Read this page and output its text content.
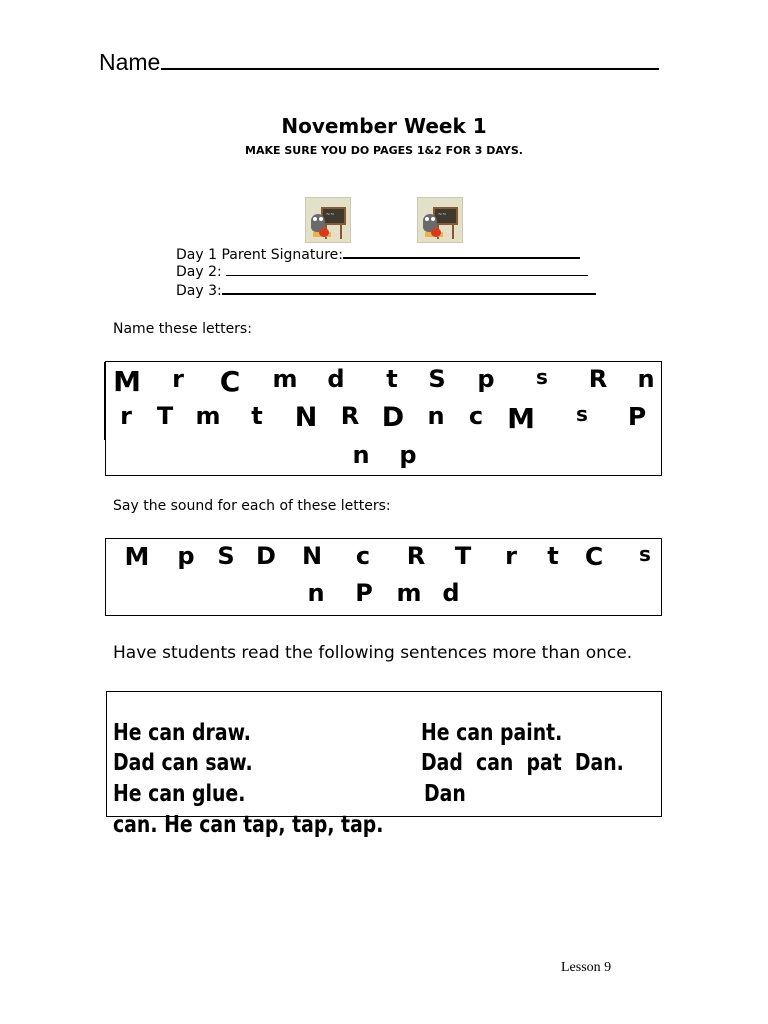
Name
November Week 1
MAKE SURE YOU DO PAGES 1&2 FOR 3 DAYS.
~~	~~
Day 1 Parent Signature:
Day 2:
Day 3:
Name these letters:
M r C m d t S p s R n
r T m t N R D n c M s P
n p
Say the sound for each of these letters:
M p S D N c R T r t C s
n P m d
Have students read the following sentences more than once.
He can draw.
Dad can saw.
He can glue.
He can paint.
Dad  can  pat  Dan.
Dan
can. He can tap, tap, tap.
Lesson 9
